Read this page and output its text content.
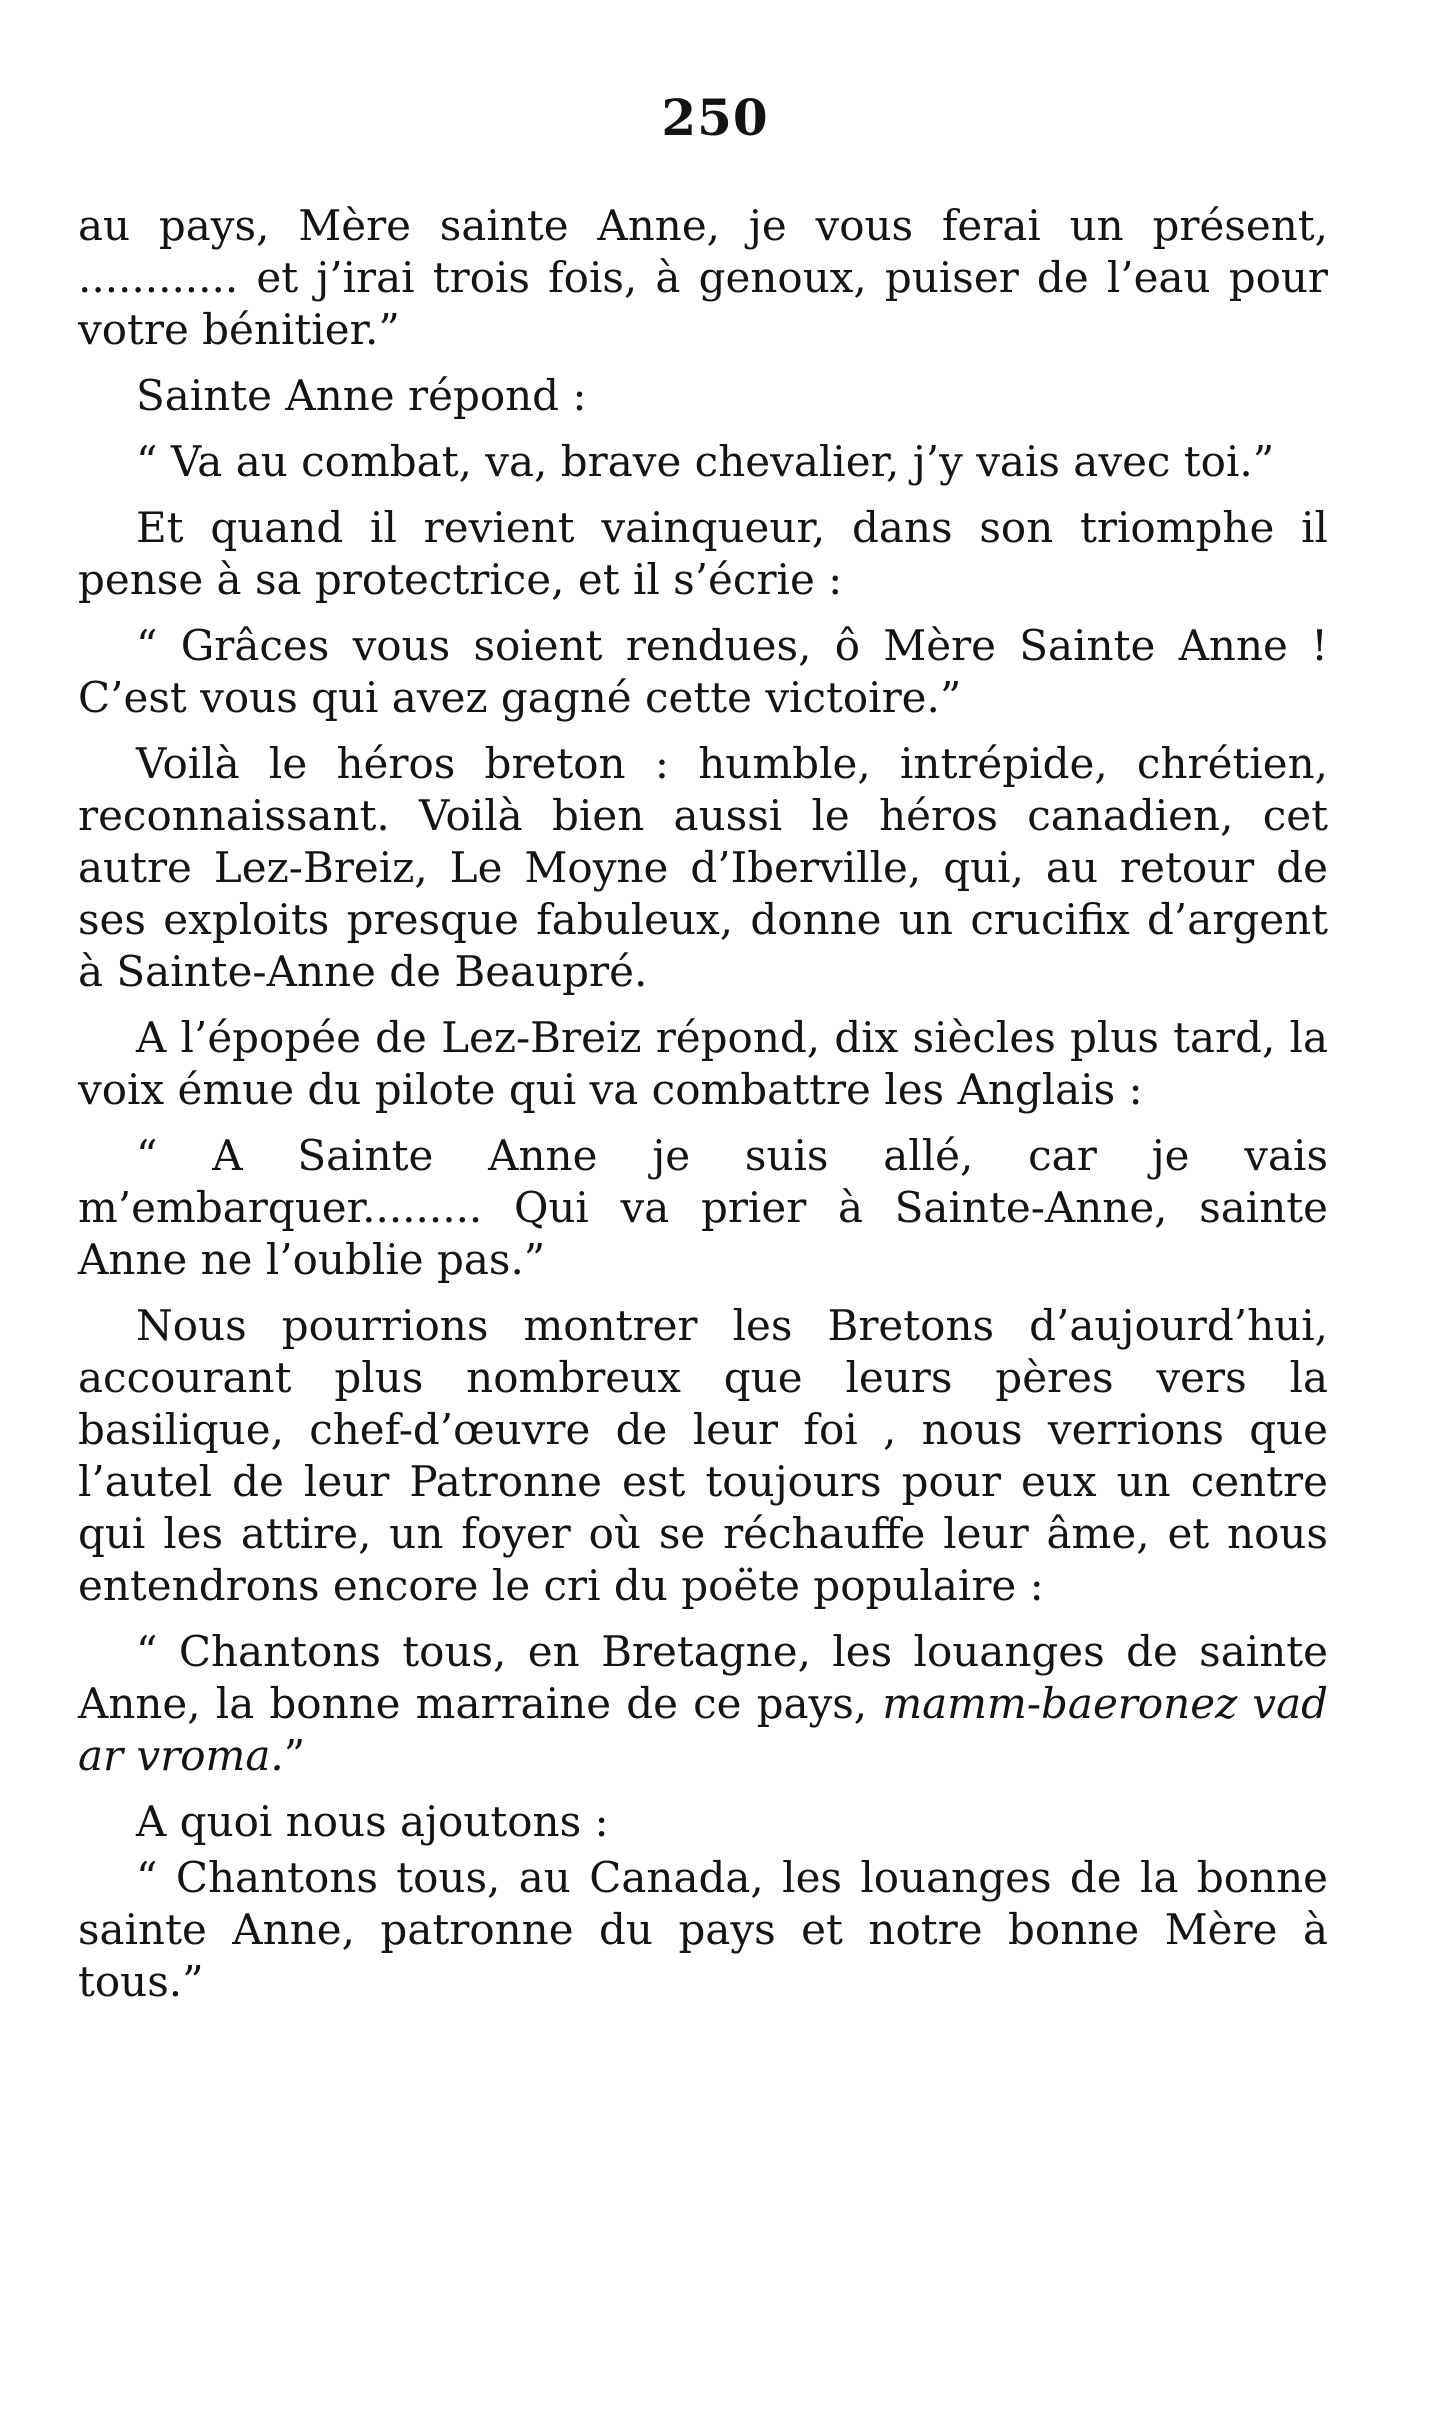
250

au pays, Mère sainte Anne, je vous ferai un présent, ............ et j’irai trois fois, à genoux, puiser de l’eau pour votre bénitier.”

Sainte Anne répond :

“ Va au combat, va, brave chevalier, j’y vais avec toi.”

Et quand il revient vainqueur, dans son triomphe il pense à sa protectrice, et il s’écrie :

“ Grâces vous soient rendues, ô Mère Sainte Anne ! C’est vous qui avez gagné cette victoire.”

Voilà le héros breton : humble, intrépide, chrétien, reconnaissant. Voilà bien aussi le héros canadien, cet autre Lez-Breiz, Le Moyne d’Iberville, qui, au retour de ses exploits presque fabuleux, donne un crucifix d’argent à Sainte-Anne de Beaupré.

A l’épopée de Lez-Breiz répond, dix siècles plus tard, la voix émue du pilote qui va combattre les Anglais :

“ A Sainte Anne je suis allé, car je vais m’embarquer......... Qui va prier à Sainte-Anne, sainte Anne ne l’oublie pas.”

Nous pourrions montrer les Bretons d’aujourd’hui, accourant plus nombreux que leurs pères vers la basilique, chef-d’œuvre de leur foi , nous verrions que l’autel de leur Patronne est toujours pour eux un centre qui les attire, un foyer où se réchauffe leur âme, et nous entendrons encore le cri du poëte populaire :

“ Chantons tous, en Bretagne, les louanges de sainte Anne, la bonne marraine de ce pays, mamm-baeronez vad ar vroma.”

A quoi nous ajoutons :

“ Chantons tous, au Canada, les louanges de la bonne sainte Anne, patronne du pays et notre bonne Mère à tous.”
